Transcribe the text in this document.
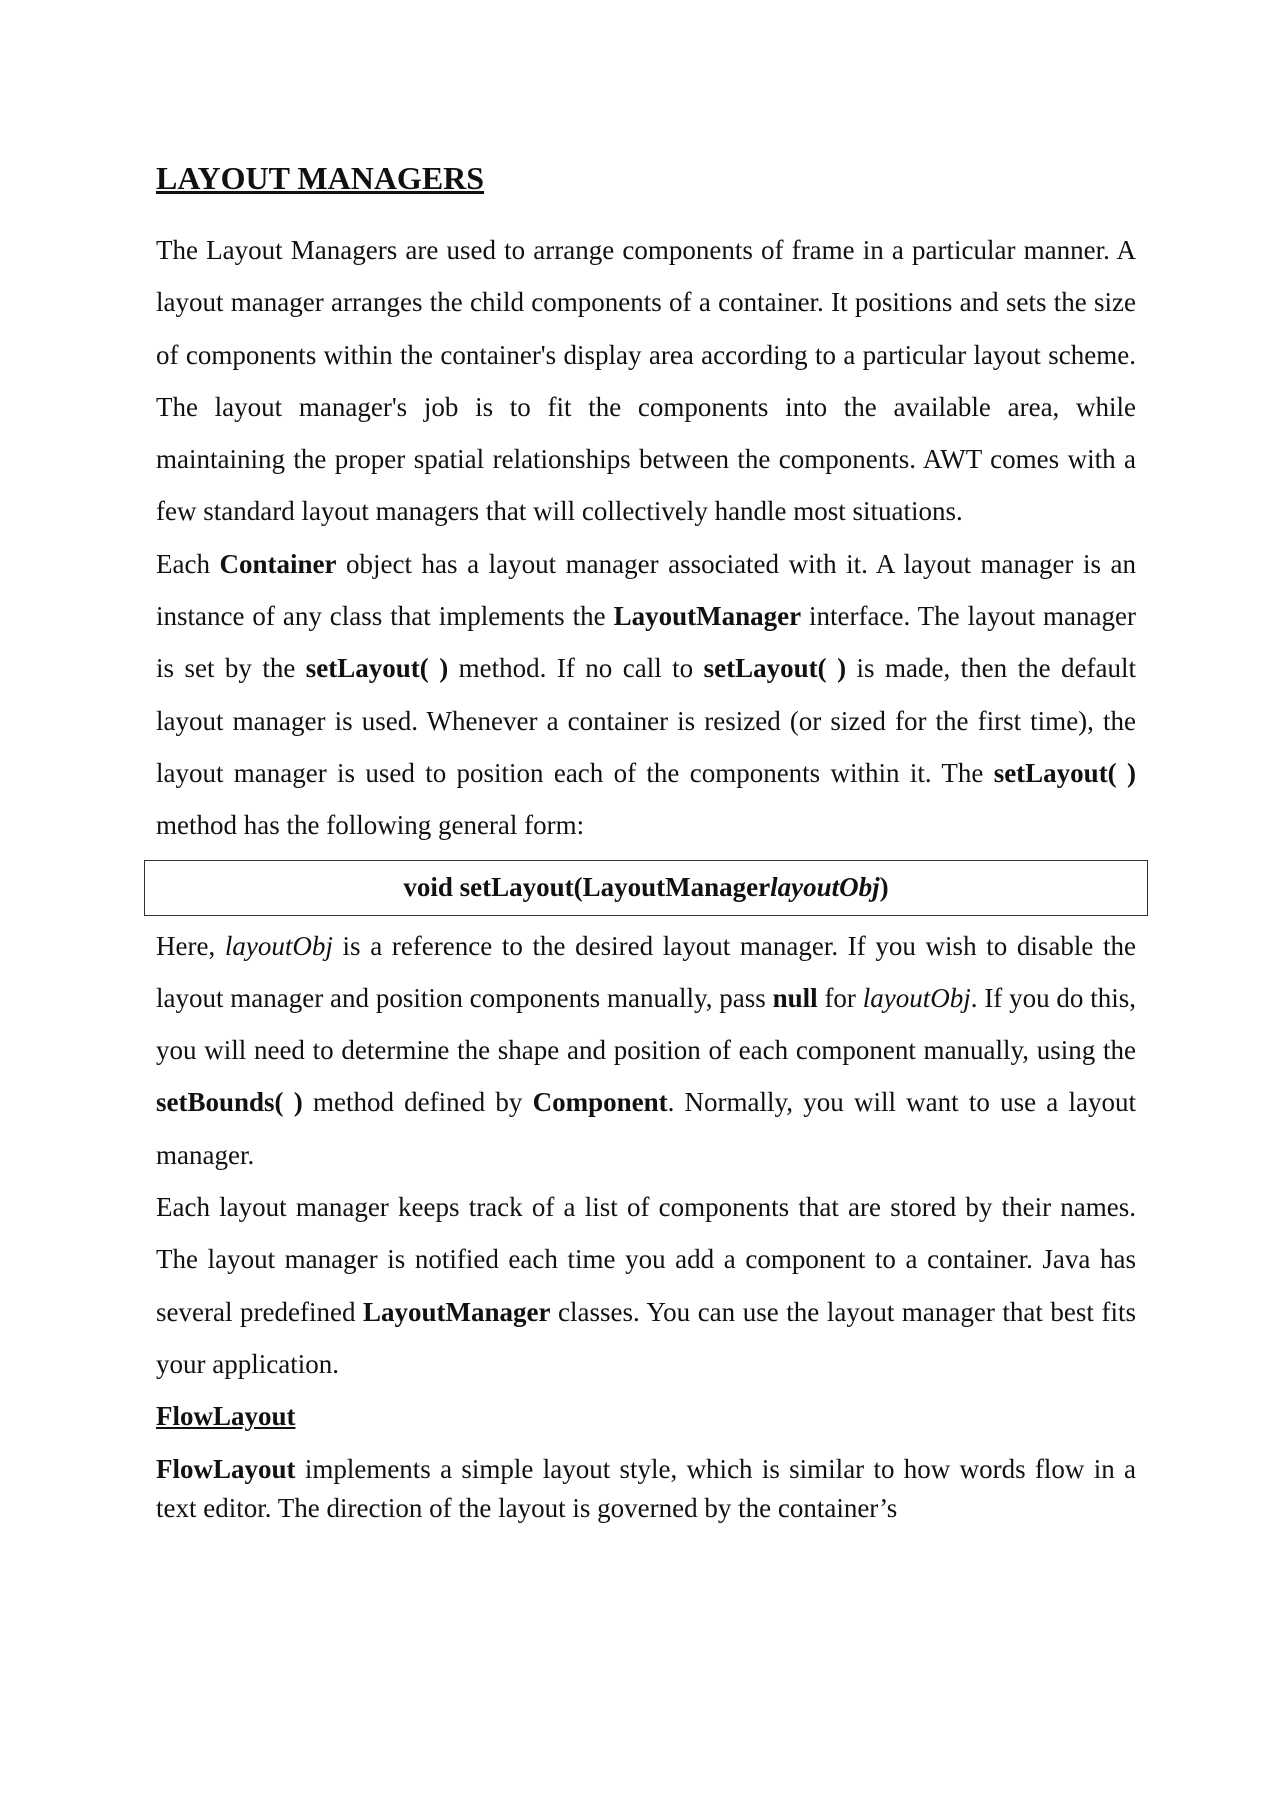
LAYOUT MANAGERS

The Layout Managers are used to arrange components of frame in a particular manner. A layout manager arranges the child components of a container. It positions and sets the size of components within the container's display area according to a particular layout scheme. The layout manager's job is to fit the components into the available area, while maintaining the proper spatial relationships between the components. AWT comes with a few standard layout managers that will collectively handle most situations.

Each Container object has a layout manager associated with it. A layout manager is an instance of any class that implements the LayoutManager interface. The layout manager is set by the setLayout( ) method. If no call to setLayout( ) is made, then the default layout manager is used. Whenever a container is resized (or sized for the first time), the layout manager is used to position each of the components within it. The setLayout( ) method has the following general form:

void setLayout(LayoutManager layoutObj )

Here, layoutObj is a reference to the desired layout manager. If you wish to disable the layout manager and position components manually, pass null for layoutObj. If you do this, you will need to determine the shape and position of each component manually, using the setBounds( ) method defined by Component. Normally, you will want to use a layout manager.

Each layout manager keeps track of a list of components that are stored by their names. The layout manager is notified each time you add a component to a container. Java has several predefined LayoutManager classes. You can use the layout manager that best fits your application.

FlowLayout

FlowLayout implements a simple layout style, which is similar to how words flow in a text editor. The direction of the layout is governed by the container’s
